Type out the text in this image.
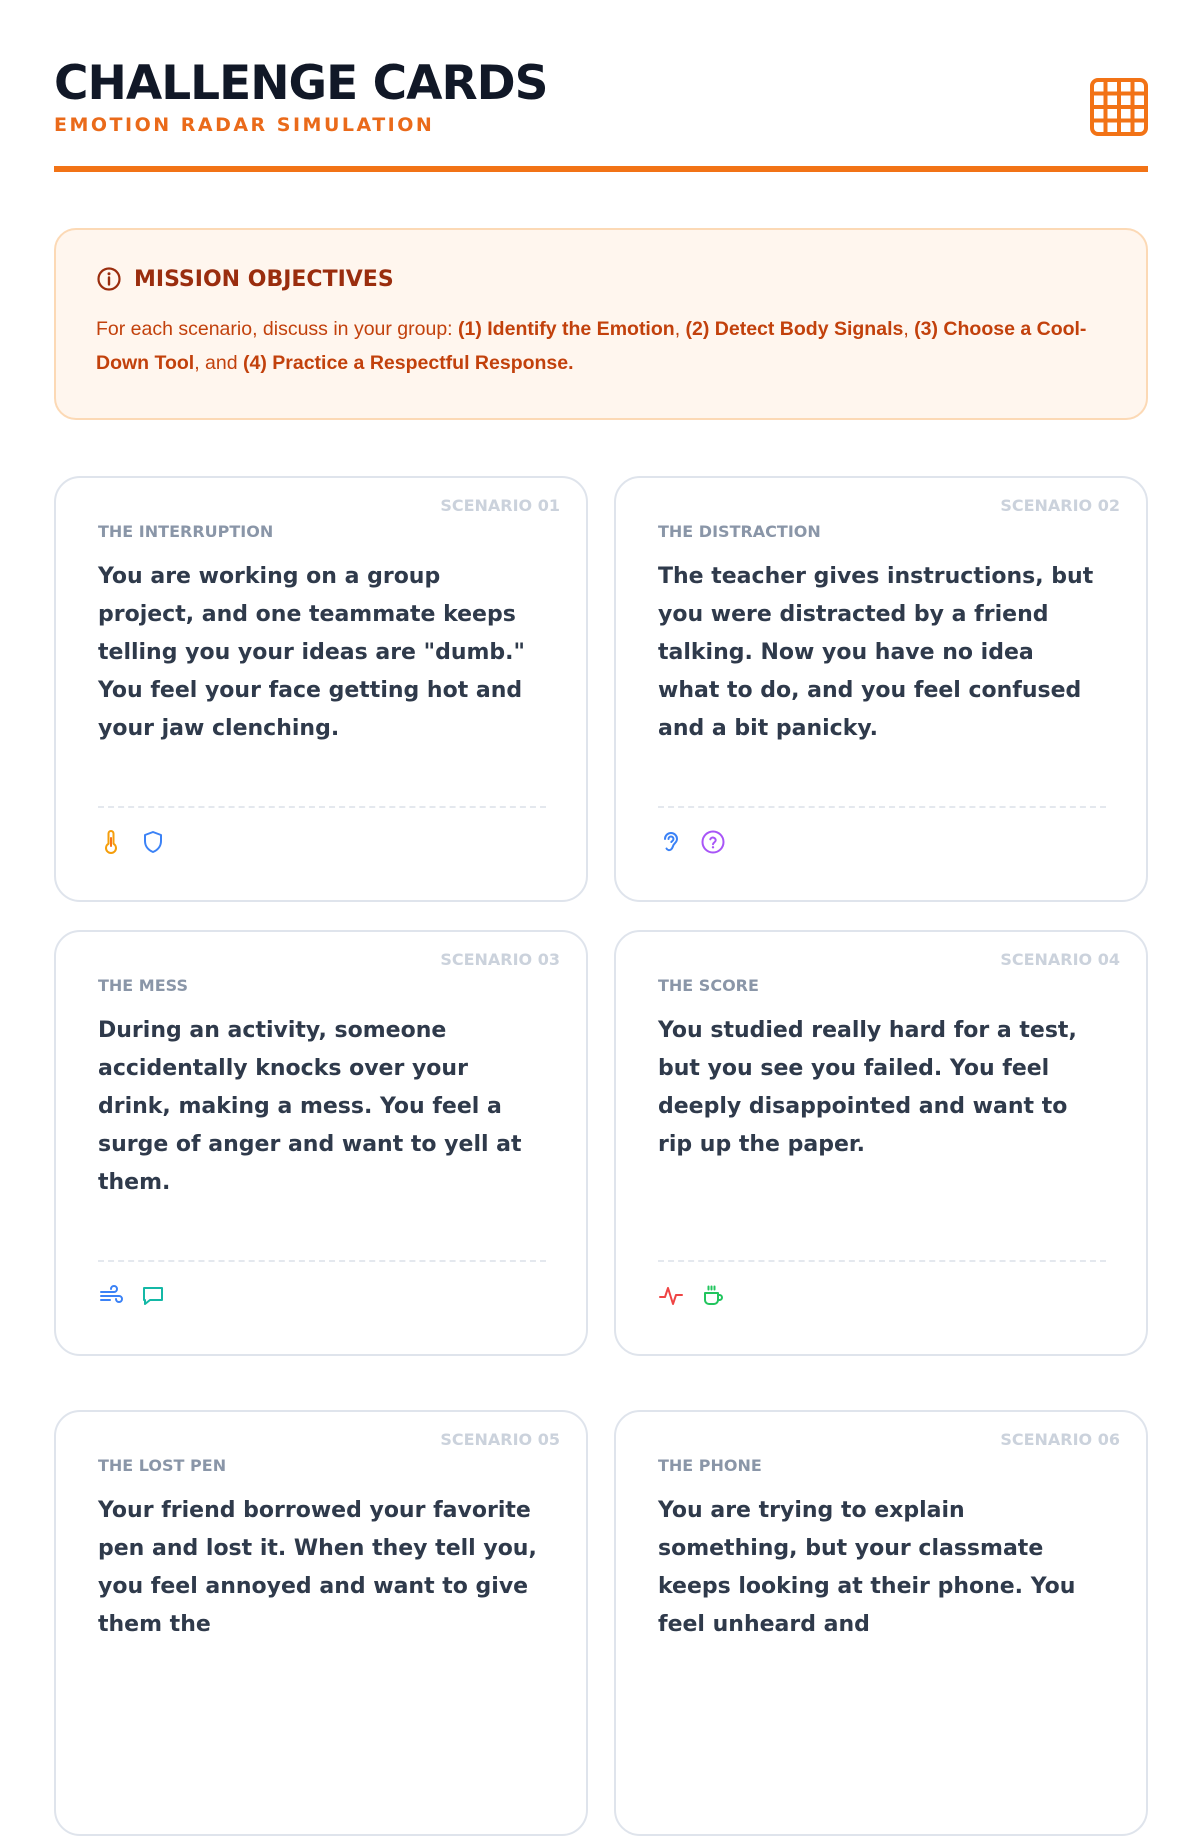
CHALLENGE CARDS
EMOTION RADAR SIMULATION
MISSION OBJECTIVES
For each scenario, discuss in your group: (1) Identify the Emotion, (2) Detect Body Signals, (3) Choose a Cool-Down Tool, and (4) Practice a Respectful Response.
SCENARIO 01
THE INTERRUPTION
You are working on a group project, and one teammate keeps telling you your ideas are "dumb." You feel your face getting hot and your jaw clenching.
SCENARIO 02
THE DISTRACTION
The teacher gives instructions, but you were distracted by a friend talking. Now you have no idea what to do, and you feel confused and a bit panicky.
SCENARIO 03
THE MESS
During an activity, someone accidentally knocks over your drink, making a mess. You feel a surge of anger and want to yell at them.
SCENARIO 04
THE SCORE
You studied really hard for a test, but you see you failed. You feel deeply disappointed and want to rip up the paper.
SCENARIO 05
THE LOST PEN
Your friend borrowed your favorite pen and lost it. When they tell you, you feel annoyed and want to give them the
SCENARIO 06
THE PHONE
You are trying to explain something, but your classmate keeps looking at their phone. You feel unheard and
